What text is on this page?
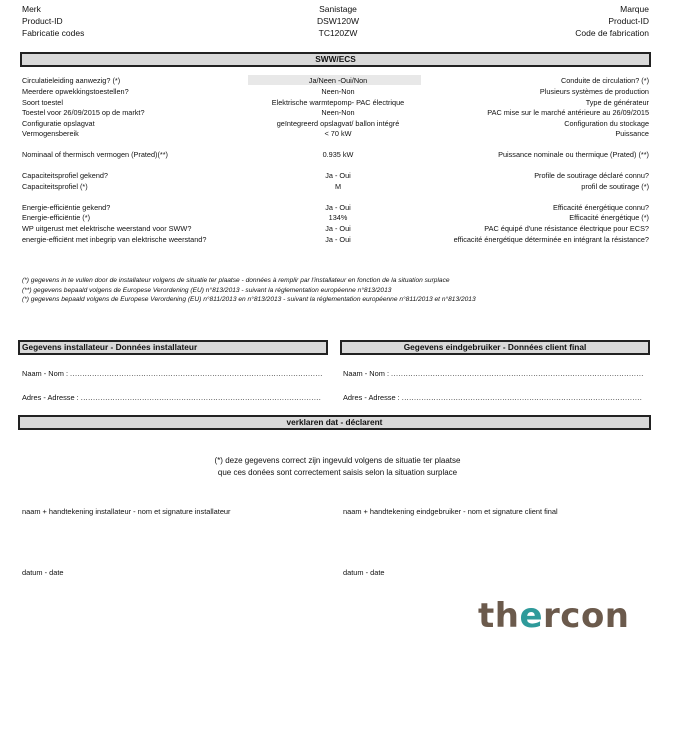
Merk	Sanistage	Marque
Product-ID	DSW120W	Product-ID
Fabricatie codes	TC120ZW	Code de fabrication
SWW/ECS
Circulatieleiding aanwezig? (*)	Ja/Neen -Oui/Non	Conduite de circulation? (*)
Meerdere opwekkingstoestellen?	Neen-Non	Plusieurs systèmes de production
Soort toestel	Elektrische warmtepomp- PAC électrique	Type de générateur
Toestel voor 26/09/2015 op de markt?	Neen-Non	PAC mise sur le marché antérieure au 26/09/2015
Configuratie opslagvat	geïntegreerd opslagvat/ ballon intégré	Configuration du stockage
Vermogensbereik	< 70 kW	Puissance
Nominaal of thermisch vermogen (Prated)(**)	0.935 kW	Puissance nominale ou thermique (Prated) (**)
Capaciteitsprofiel gekend?	Ja - Oui	Profile de soutirage déclaré connu?
Capaciteitsprofiel (*)	M	profil de soutirage (*)
Energie-efficiëntie gekend?	Ja - Oui	Efficacité énergétique connu?
Energie-efficiëntie (*)	134%	Efficacité énergétique (*)
WP uitgerust met elektrische weerstand voor SWW?	Ja - Oui	PAC équipé d'une résistance électrique pour ECS?
energie-efficiënt met inbegrip van elektrische weerstand?	Ja - Oui	efficacité énergétique déterminée en intégrant la résistance?
(*) gegevens in te vullen door de installateur volgens de situatie ter plaatse - données à remplir par l'installateur en fonction de la situation surplace
(**) gegevens bepaald volgens de Europese Verordening (EU) n°813/2013 - suivant la réglementation européenne n°813/2013
(*) gegevens bepaald volgens de Europese Verordening (EU) n°811/2013 en n°813/2013 - suivant la réglementation européenne n°811/2013 et n°813/2013
Gegevens installateur - Données installateur	Gegevens eindgebruiker - Données client final
Naam - Nom : .......................................................................................................	Naam - Nom : .......................................................................................................
Adres - Adresse : ..................................................................................................	Adres - Adresse : ..................................................................................................
verklaren dat - déclarent
(*) deze gegevens correct zijn ingevuld volgens de situatie ter plaatse
que ces donées sont correctement saisis selon la situation surplace
naam + handtekening installateur - nom et signature installateur	naam + handtekening eindgebruiker - nom et signature client final
datum - date	datum - date
thercon
